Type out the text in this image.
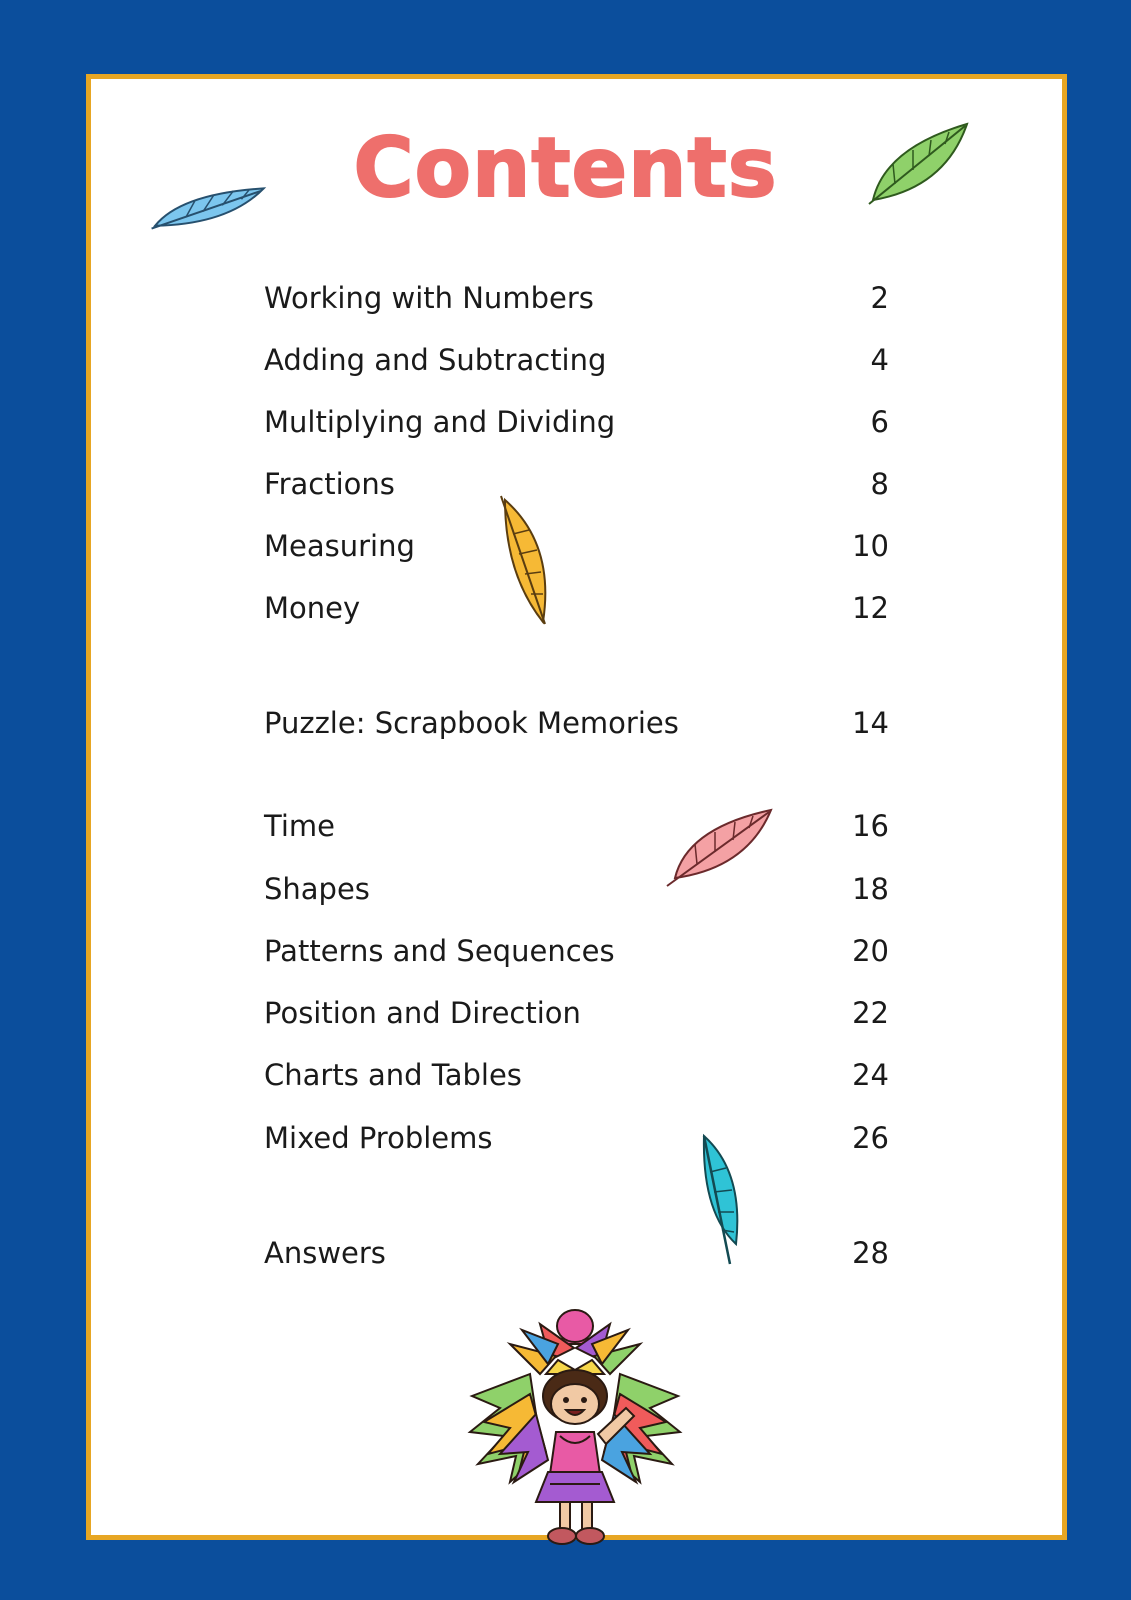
Contents
Working with Numbers	2
Adding and Subtracting	4
Multiplying and Dividing	6
Fractions	8
Measuring	10
Money	12
Puzzle: Scrapbook Memories	14
Time	16
Shapes	18
Patterns and Sequences	20
Position and Direction	22
Charts and Tables	24
Mixed Problems	26
Answers	28
